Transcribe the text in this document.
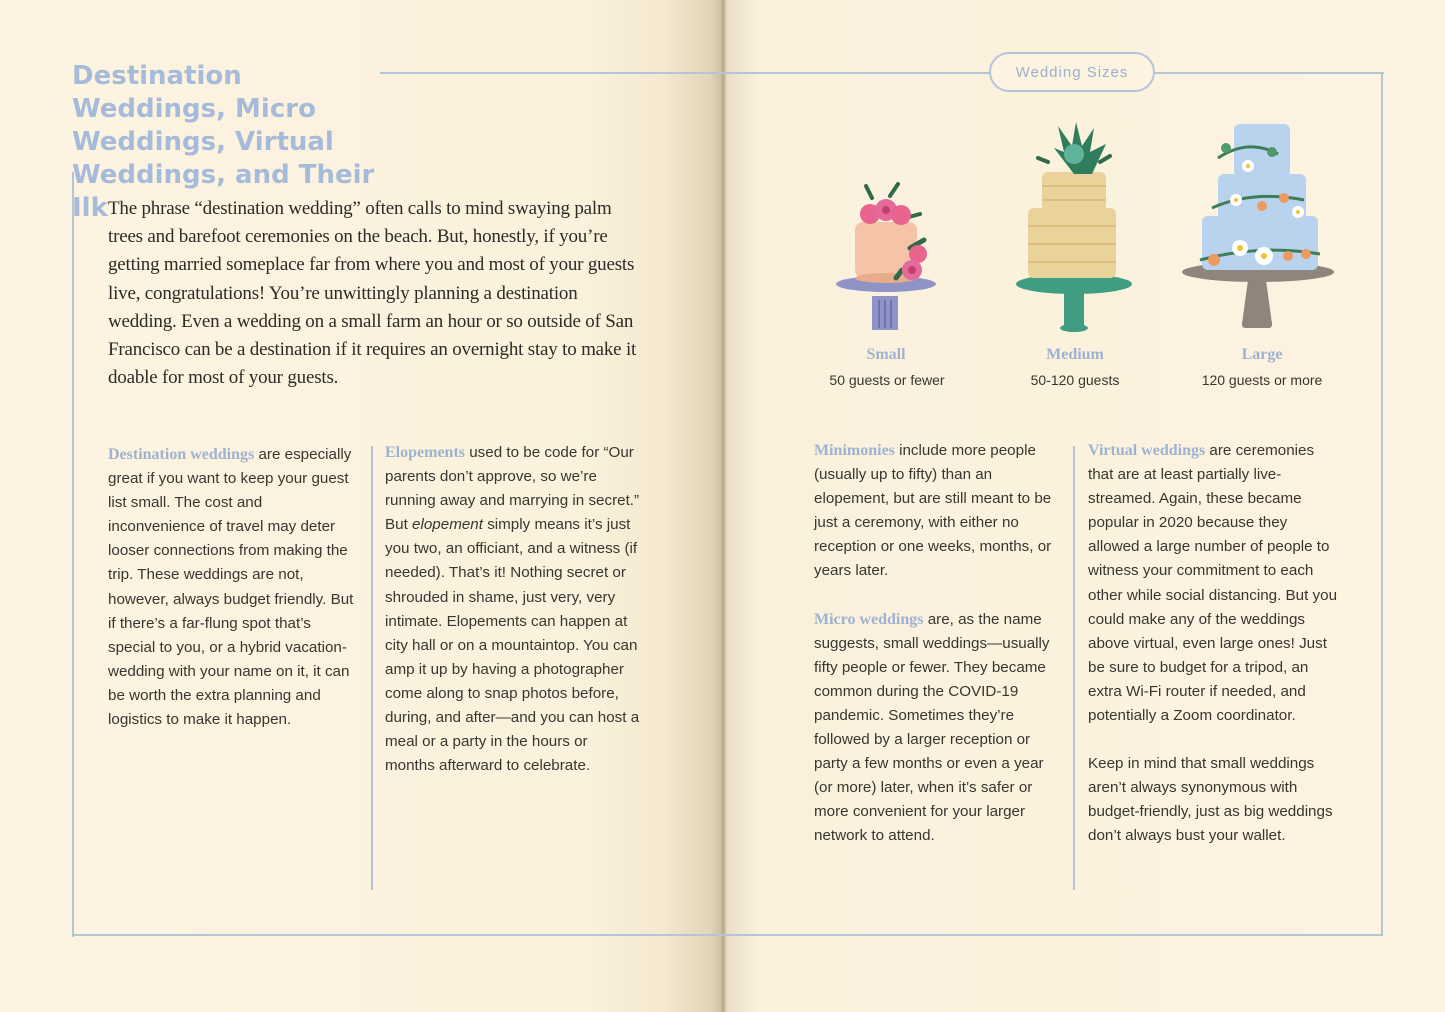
Wedding Sizes
Destination Weddings, Micro Weddings, Virtual Weddings, and Their Ilk The phrase “destination wedding” often calls to mind swaying palm trees and barefoot ceremonies on the beach. But, honestly, if you’re getting married someplace far from where you and most of your guests live, congratulations! You’re unwittingly planning a destination wedding. Even a wedding on a small farm an hour or so outside of San Francisco can be a destination if it requires an overnight stay to make it doable for most of your guests.

Destination weddings are especially great if you want to keep your guest list small. The cost and inconvenience of travel may deter looser connections from making the trip. These weddings are not, however, always budget friendly. But if there’s a far-flung spot that’s special to you, or a hybrid vacation-wedding with your name on it, it can be worth the extra planning and logistics to make it happen.

Elopements used to be code for “Our parents don’t approve, so we’re running away and marrying in secret.” But elopement simply means it’s just you two, an officiant, and a witness (if needed). That’s it! Nothing secret or shrouded in shame, just very, very intimate. Elopements can happen at city hall or on a mountaintop. You can amp it up by having a photographer come along to snap photos before, during, and after—and you can host a meal or a party in the hours or months afterward to celebrate.

Small
50 guests or fewer
Medium
50-120 guests
Large
120 guests or more

Minimonies include more people (usually up to fifty) than an elopement, but are still meant to be just a ceremony, with either no reception or one weeks, months, or years later.

Micro weddings are, as the name suggests, small weddings—usually fifty people or fewer. They became common during the COVID-19 pandemic. Sometimes they’re followed by a larger reception or party a few months or even a year (or more) later, when it’s safer or more convenient for your larger network to attend.

Virtual weddings are ceremonies that are at least partially live-streamed. Again, these became popular in 2020 because they allowed a large number of people to witness your commitment to each other while social distancing. But you could make any of the weddings above virtual, even large ones! Just be sure to budget for a tripod, an extra Wi-Fi router if needed, and potentially a Zoom coordinator.

Keep in mind that small weddings aren’t always synonymous with budget-friendly, just as big weddings don’t always bust your wallet.
